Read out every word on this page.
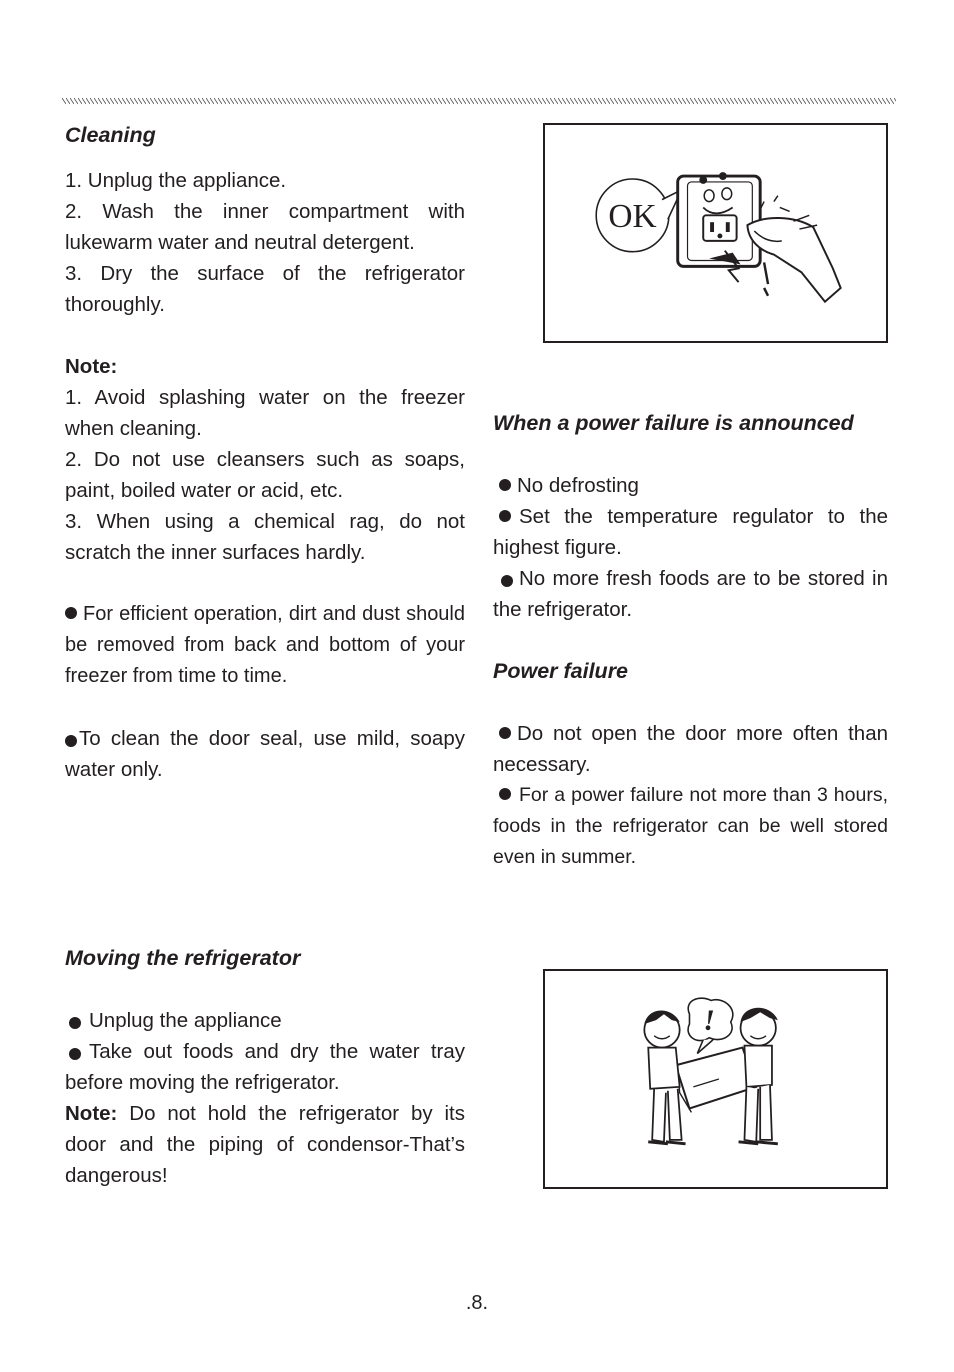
Cleaning

1. Unplug the appliance.

2. Wash the inner compartment with lukewarm water and neutral detergent.

3. Dry the surface of the refrigerator thoroughly.

Note:

1. Avoid splashing water on the freezer when cleaning.

2. Do not use cleansers such as soaps, paint, boiled water or acid, etc.

3. When using a chemical rag, do not scratch the inner surfaces hardly.

For efficient operation, dirt and dust should be removed from back and bottom of your freezer from time to time.

To clean the door seal, use mild, soapy water only.

OK

When a power failure is announced

No defrosting

Set the temperature regulator to the highest figure.

No more fresh foods are to be stored in the refrigerator.

Power failure

Do not open the door more often than necessary.

For a power failure not more than 3 hours, foods in the refrigerator can be well stored even in summer.

Moving the refrigerator

Unplug the appliance

Take out foods and dry the water tray before moving the refrigerator.

Note: Do not hold the refrigerator by its door and the piping of condensor-That’s dangerous!

!
.8.
